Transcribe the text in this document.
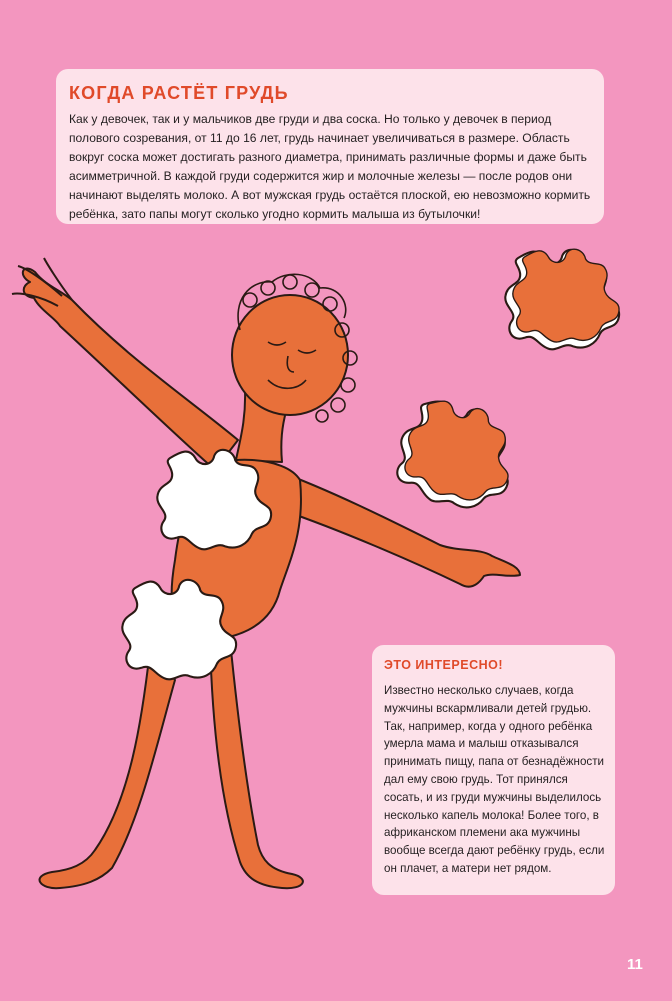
КОГДА РАСТЁТ ГРУДЬ

Как у девочек, так и у мальчиков две груди и два соска. Но только у девочек в период полового созревания, от 11 до 16 лет, грудь начинает увеличиваться в размере. Область вокруг соска может достигать разного диаметра, принимать различные формы и даже быть асимметричной. В каждой груди содержится жир и молочные железы — после родов они начинают выделять молоко. А вот мужская грудь остаётся плоской, ею невозможно кормить ребёнка, зато папы могут сколько угодно кормить малыша из бутылочки!

ЭТО ИНТЕРЕСНО!

Известно несколько случаев, когда мужчины вскармливали детей грудью. Так, например, когда у одного ребёнка умерла мама и малыш отказывался принимать пищу, папа от безнадёжности дал ему свою грудь. Тот принялся сосать, и из груди мужчины выделилось несколько капель молока! Более того, в африканском племени ака мужчины вообще всегда дают ребёнку грудь, если он плачет, а матери нет рядом.

11
